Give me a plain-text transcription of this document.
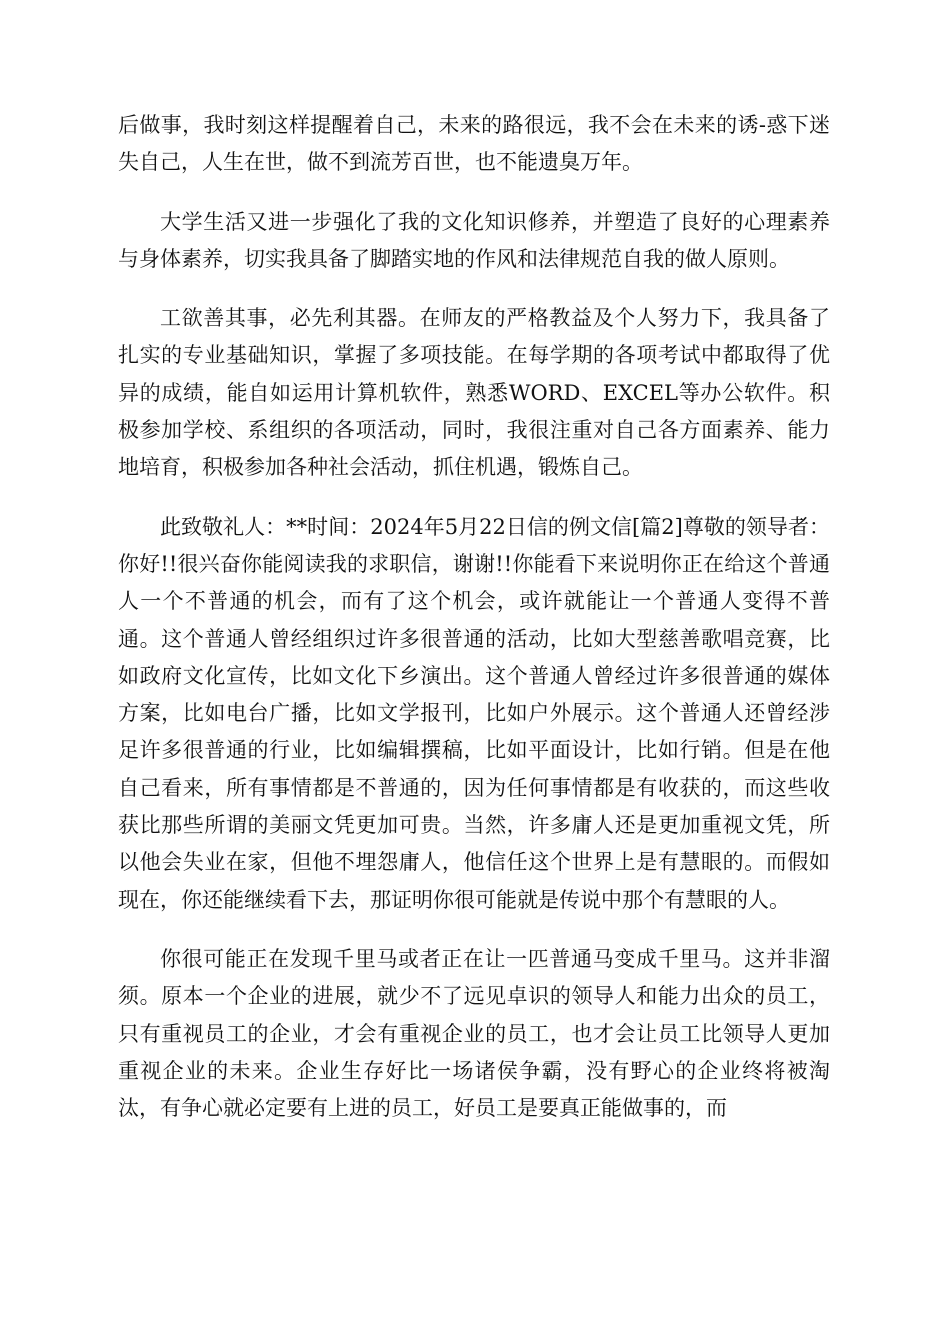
后做事，我时刻这样提醒着自己，未来的路很远，我不会在未来的诱-惑下迷失自己，人生在世，做不到流芳百世，也不能遗臭万年。

大学生活又进一步强化了我的文化知识修养，并塑造了良好的心理素养与身体素养，切实我具备了脚踏实地的作风和法律规范自我的做人原则。

工欲善其事，必先利其器。在师友的严格教益及个人努力下，我具备了扎实的专业基础知识，掌握了多项技能。在每学期的各项考试中都取得了优异的成绩，能自如运用计算机软件，熟悉WORD、EXCEL等办公软件。积极参加学校、系组织的各项活动，同时，我很注重对自己各方面素养、能力地培育，积极参加各种社会活动，抓住机遇，锻炼自己。

此致敬礼人：**时间：2024年5月22日信的例文信[篇2]尊敬的领导者：你好!!很兴奋你能阅读我的求职信，谢谢!!你能看下来说明你正在给这个普通人一个不普通的机会，而有了这个机会，或许就能让一个普通人变得不普通。这个普通人曾经组织过许多很普通的活动，比如大型慈善歌唱竞赛，比如政府文化宣传，比如文化下乡演出。这个普通人曾经过许多很普通的媒体方案，比如电台广播，比如文学报刊，比如户外展示。这个普通人还曾经涉足许多很普通的行业，比如编辑撰稿，比如平面设计，比如行销。但是在他自己看来，所有事情都是不普通的，因为任何事情都是有收获的，而这些收获比那些所谓的美丽文凭更加可贵。当然，许多庸人还是更加重视文凭，所以他会失业在家，但他不埋怨庸人，他信任这个世界上是有慧眼的。而假如现在，你还能继续看下去，那证明你很可能就是传说中那个有慧眼的人。

你很可能正在发现千里马或者正在让一匹普通马变成千里马。这并非溜须。原本一个企业的进展，就少不了远见卓识的领导人和能力出众的员工，只有重视员工的企业，才会有重视企业的员工，也才会让员工比领导人更加重视企业的未来。企业生存好比一场诸侯争霸，没有野心的企业终将被淘汰，有争心就必定要有上进的员工，好员工是要真正能做事的，而
